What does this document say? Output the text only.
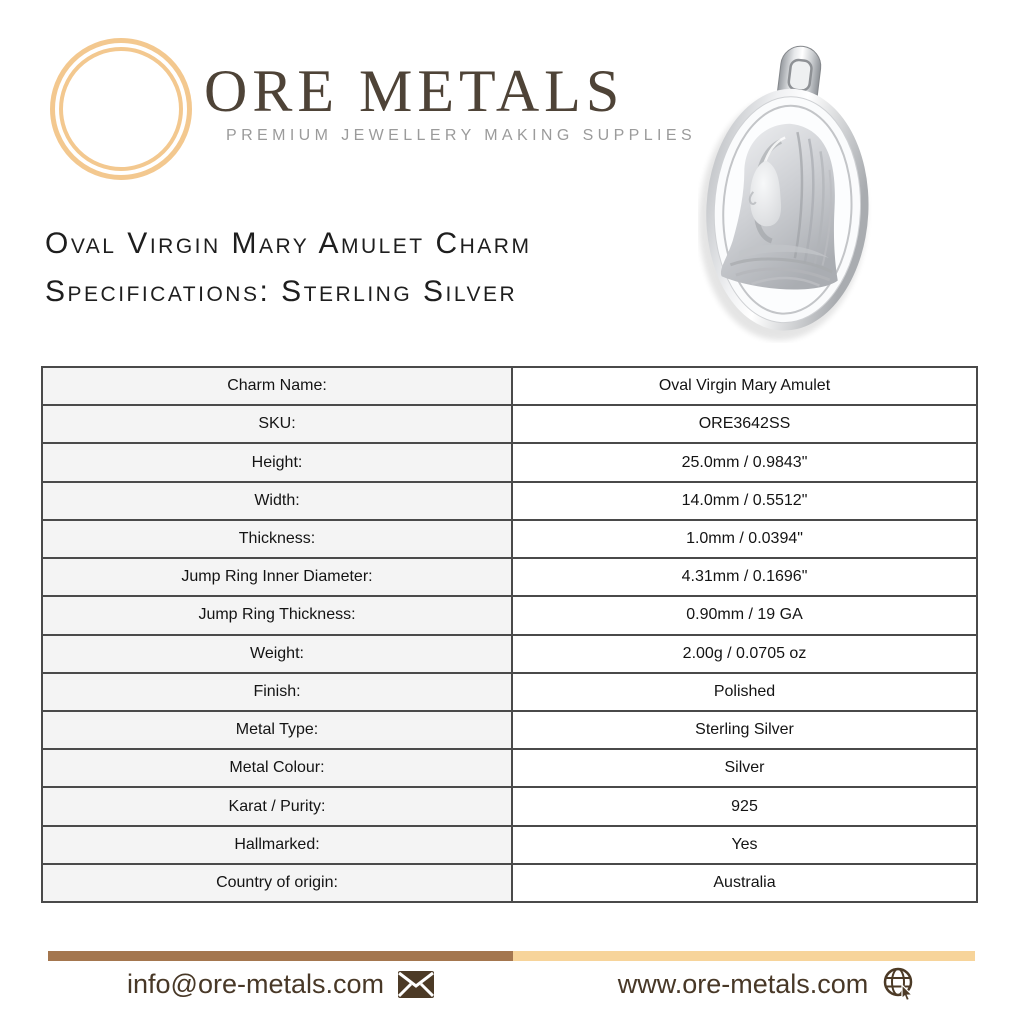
ORE METALS
PREMIUM JEWELLERY MAKING SUPPLIES
Oval Virgin Mary Amulet Charm
Specifications: Sterling Silver
Charm Name:	Oval Virgin Mary Amulet
SKU:	ORE3642SS
Height:	25.0mm / 0.9843"
Width:	14.0mm / 0.5512"
Thickness:	1.0mm / 0.0394"
Jump Ring Inner Diameter:	4.31mm / 0.1696"
Jump Ring Thickness:	0.90mm / 19 GA
Weight:	2.00g / 0.0705 oz
Finish:	Polished
Metal Type:	Sterling Silver
Metal Colour:	Silver
Karat / Purity:	925
Hallmarked:	Yes
Country of origin:	Australia
info@ore-metals.com	www.ore-metals.com
